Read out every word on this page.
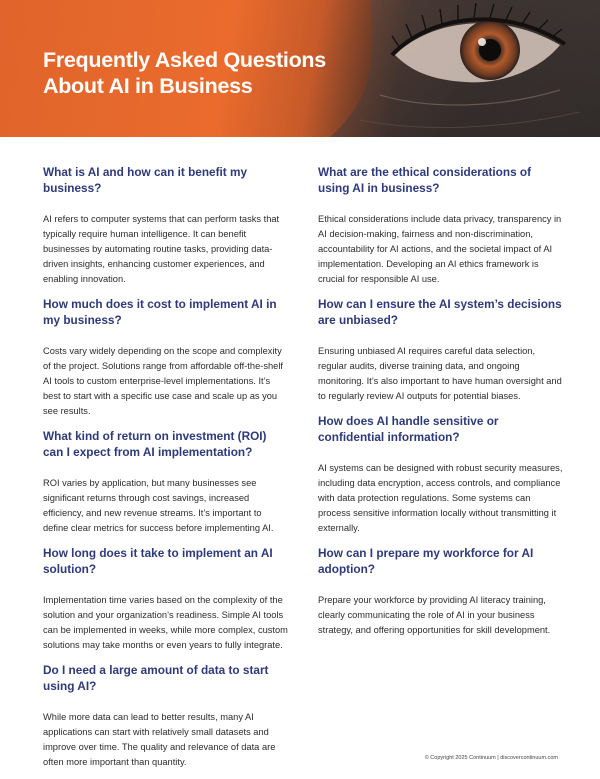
Frequently Asked Questions
About AI in Business
What is AI and how can it benefit my business?

AI refers to computer systems that can perform tasks that typically require human intelligence. It can benefit businesses by automating routine tasks, providing data-driven insights, enhancing customer experiences, and enabling innovation.

How much does it cost to implement AI in my business?

Costs vary widely depending on the scope and complexity of the project. Solutions range from affordable off-the-shelf AI tools to custom enterprise-level implementations. It’s best to start with a specific use case and scale up as you see results.

What kind of return on investment (ROI) can I expect from AI implementation?

ROI varies by application, but many businesses see significant returns through cost savings, increased efficiency, and new revenue streams. It’s important to define clear metrics for success before implementing AI.

How long does it take to implement an AI solution?

Implementation time varies based on the complexity of the solution and your organization’s readiness. Simple AI tools can be implemented in weeks, while more complex, custom solutions may take months or even years to fully integrate.

Do I need a large amount of data to start using AI?

While more data can lead to better results, many AI applications can start with relatively small datasets and improve over time. The quality and relevance of data are often more important than quantity.

What are the ethical considerations of using AI in business?

Ethical considerations include data privacy, transparency in AI decision-making, fairness and non-discrimination, accountability for AI actions, and the societal impact of AI implementation. Developing an AI ethics framework is crucial for responsible AI use.

How can I ensure the AI system’s decisions are unbiased?

Ensuring unbiased AI requires careful data selection, regular audits, diverse training data, and ongoing monitoring. It’s also important to have human oversight and to regularly review AI outputs for potential biases.

How does AI handle sensitive or confidential information?

AI systems can be designed with robust security measures, including data encryption, access controls, and compliance with data protection regulations. Some systems can process sensitive information locally without transmitting it externally.

How can I prepare my workforce for AI adoption?

Prepare your workforce by providing AI literacy training, clearly communicating the role of AI in your business strategy, and offering opportunities for skill development.

© Copyright 2025 Continuum | discovercontinuum.com
